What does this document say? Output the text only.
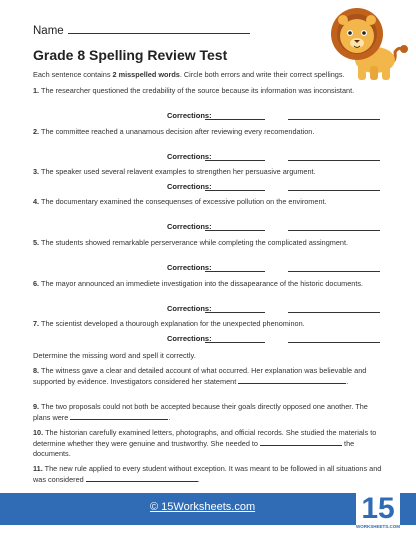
Name
Grade 8 Spelling Review Test
Each sentence contains 2 misspelled words. Circle both errors and write their correct spellings.
1. The researcher questioned the credability of the source because its information was inconsistant.
Corrections:
2. The committee reached a unanamous decision after reviewing every recomendation.
Corrections:
3. The speaker used several relavent examples to strengthen her persuasive argument.
Corrections:
4. The documentary examined the consequenses of excessive pollution on the enviroment.
Corrections:
5. The students showed remarkable perserverance while completing the complicated assingment.
Corrections:
6. The mayor announced an immediete investigation into the dissapearance of the historic documents.
Corrections:
7. The scientist developed a thourough explanation for the unexpected phenominon.
Corrections:
Determine the missing word and spell it correctly.
8. The witness gave a clear and detailed account of what occurred. Her explanation was believable and supported by evidence. Investigators considered her statement	.
9. The two proposals could not both be accepted because their goals directly opposed one another. The plans were	.
10. The historian carefully examined letters, photographs, and official records. She studied the materials to determine whether they were genuine and trustworthy. She needed to	the documents.
11. The new rule applied to every student without exception. It was meant to be followed in all situations and was considered	.
© 15Worksheets.com	15
WORKSHEETS.COM
